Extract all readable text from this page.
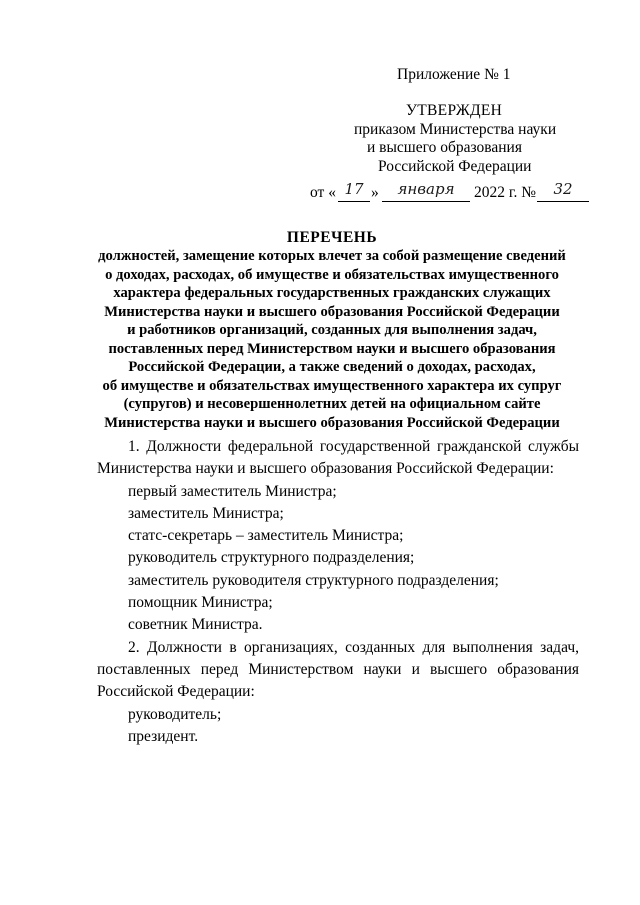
Приложение № 1
УТВЕРЖДЕН
приказом Министерства науки
и высшего образования
Российской Федерации
от « 17 »	января	2022 г. №	32
ПЕРЕЧЕНЬ
должностей, замещение которых влечет за собой размещение сведений
о доходах, расходах, об имуществе и обязательствах имущественного
характера федеральных государственных гражданских служащих
Министерства науки и высшего образования Российской Федерации
и работников организаций, созданных для выполнения задач,
поставленных перед Министерством науки и высшего образования
Российской Федерации, а также сведений о доходах, расходах,
об имуществе и обязательствах имущественного характера их супруг
(супругов) и несовершеннолетних детей на официальном сайте
Министерства науки и высшего образования Российской Федерации
1. Должности федеральной государственной гражданской службы
Министерства науки и высшего образования Российской Федерации:
первый заместитель Министра;
заместитель Министра;
статс-секретарь – заместитель Министра;
руководитель структурного подразделения;
заместитель руководителя структурного подразделения;
помощник Министра;
советник Министра.
2. Должности в организациях, созданных для выполнения задач,
поставленных перед Министерством науки и высшего образования
Российской Федерации:
руководитель;
президент.
